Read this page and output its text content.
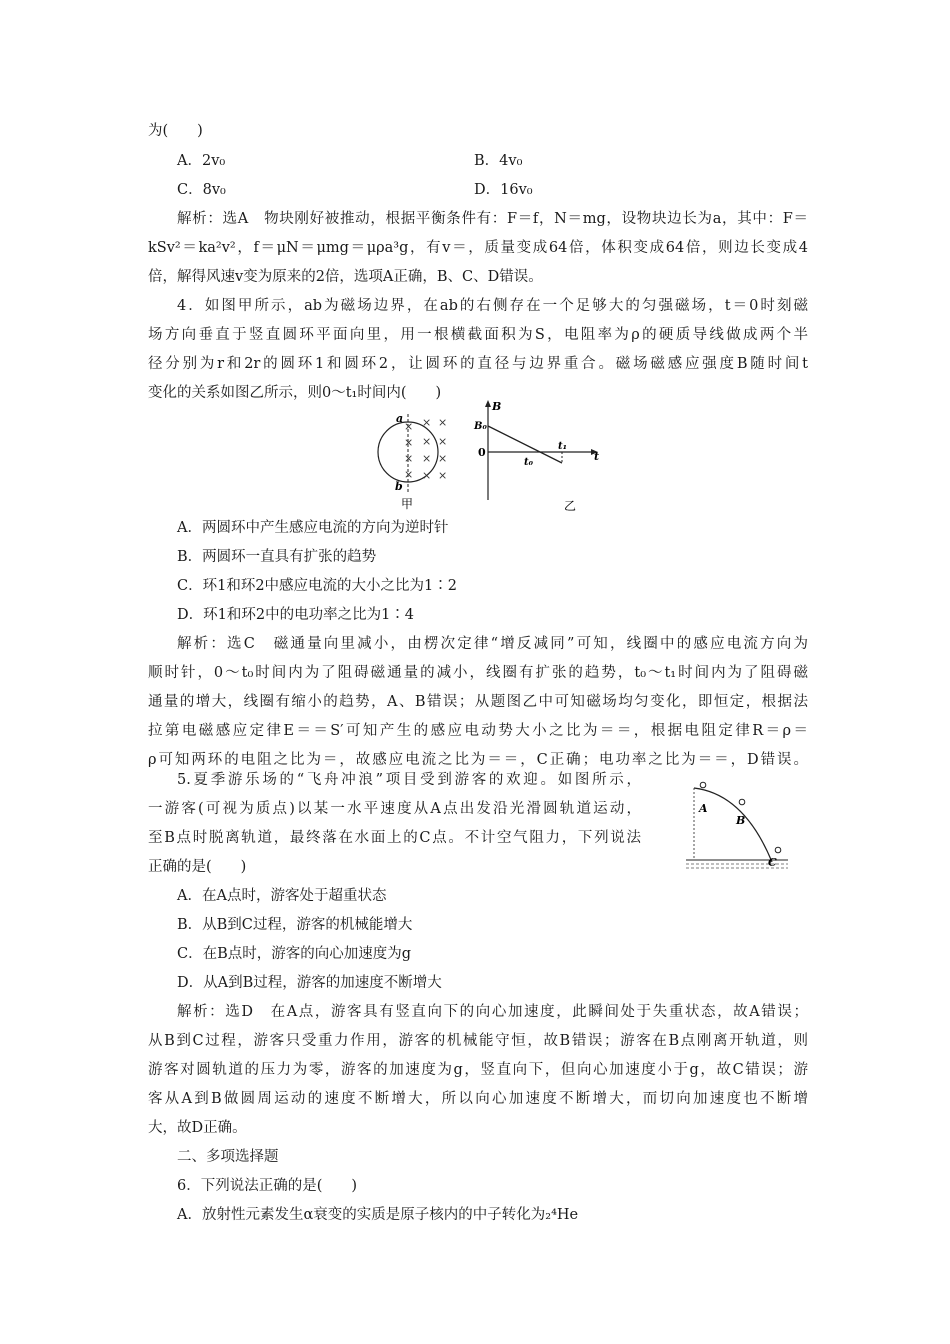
为(　　)
A．2v₀	B．4v₀
C．8v₀	D．16v₀
解析：选A　物块刚好被推动，根据平衡条件有：F＝f，N＝mg，设物块边长为a，其中：F＝
kSv²＝ka²v²，f＝μN＝μmg＝μρa³g，有v＝，质量变成64倍，体积变成64倍，则边长变成4
倍，解得风速v变为原来的2倍，选项A正确，B、C、D错误。
4．如图甲所示，ab为磁场边界，在ab的右侧存在一个足够大的匀强磁场，t＝0时刻磁
场方向垂直于竖直圆环平面向里，用一根横截面积为S，电阻率为ρ的硬质导线做成两个半
径分别为r和2r的圆环1和圆环2，让圆环的直径与边界重合。磁场磁感应强度B随时间t
变化的关系如图乙所示，则0～t₁时间内(　　)
a
b
× × ×
× × ×
× × ×
× × ×
甲
B
B₀
0
t₀
t₁
t
乙
A．两圆环中产生感应电流的方向为逆时针
B．两圆环一直具有扩张的趋势
C．环1和环2中感应电流的大小之比为1∶2
D．环1和环2中的电功率之比为1∶4
解析：选C　磁通量向里减小，由楞次定律“增反减同”可知，线圈中的感应电流方向为
顺时针，0～t₀时间内为了阻碍磁通量的减小，线圈有扩张的趋势，t₀～t₁时间内为了阻碍磁
通量的增大，线圈有缩小的趋势，A、B错误；从题图乙中可知磁场均匀变化，即恒定，根据法
拉第电磁感应定律E＝＝S′可知产生的感应电动势大小之比为＝＝，根据电阻定律R＝ρ＝
ρ可知两环的电阻之比为＝，故感应电流之比为＝＝，C正确；电功率之比为＝＝，D错误。
5.夏季游乐场的“飞舟冲浪”项目受到游客的欢迎。如图所示，
一游客(可视为质点)以某一水平速度从A点出发沿光滑圆轨道运动，
至B点时脱离轨道，最终落在水面上的C点。不计空气阻力，下列说法
正确的是(　　)
A
B
C
A．在A点时，游客处于超重状态
B．从B到C过程，游客的机械能增大
C．在B点时，游客的向心加速度为g
D．从A到B过程，游客的加速度不断增大
解析：选D　在A点，游客具有竖直向下的向心加速度，此瞬间处于失重状态，故A错误；
从B到C过程，游客只受重力作用，游客的机械能守恒，故B错误；游客在B点刚离开轨道，则
游客对圆轨道的压力为零，游客的加速度为g，竖直向下，但向心加速度小于g，故C错误；游
客从A到B做圆周运动的速度不断增大，所以向心加速度不断增大，而切向加速度也不断增
大，故D正确。
二、多项选择题
6．下列说法正确的是(　　)
A．放射性元素发生α衰变的实质是原子核内的中子转化为₂⁴He
